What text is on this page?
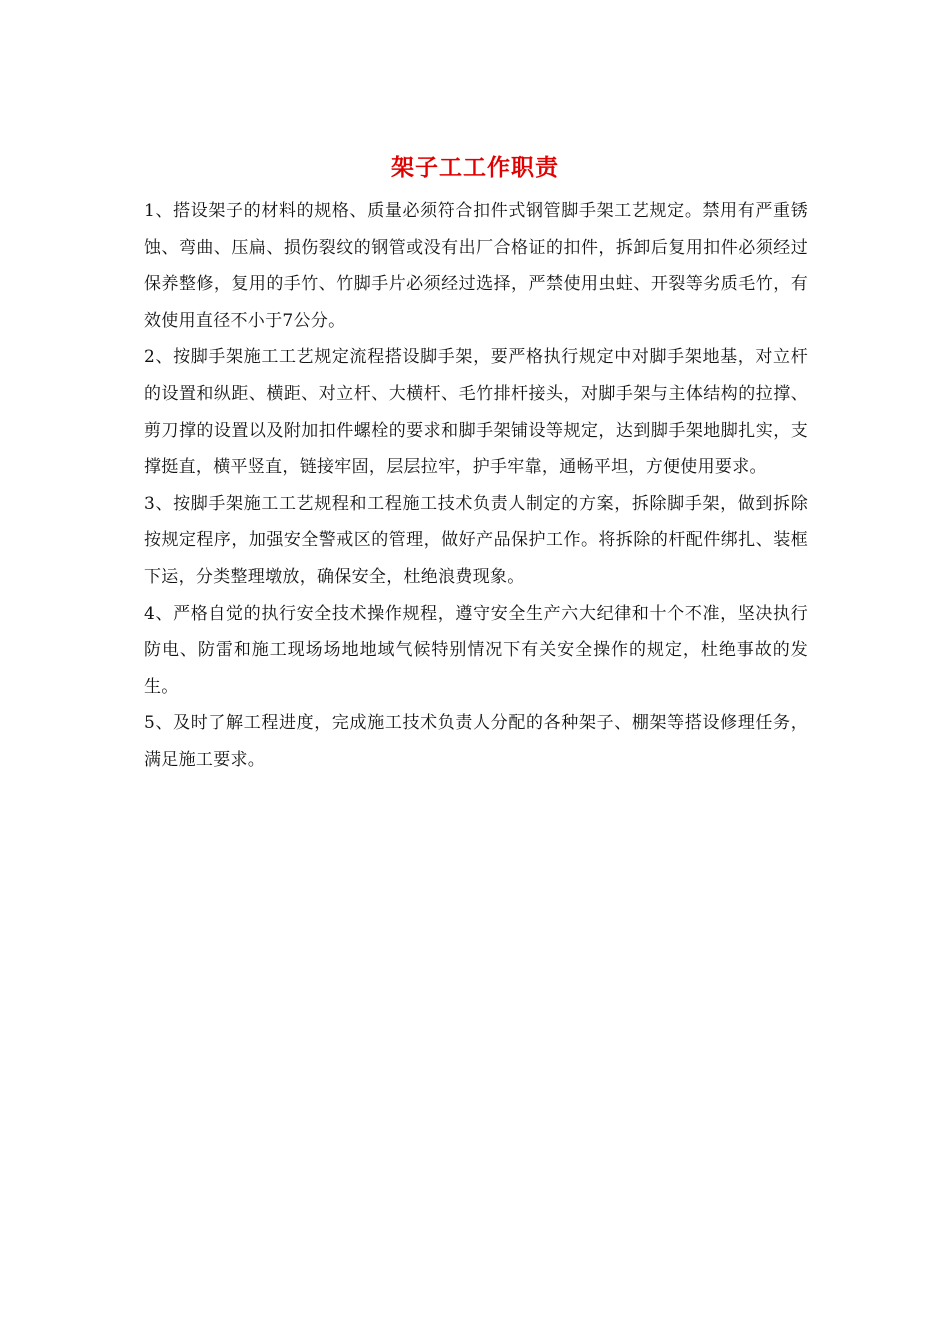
架子工工作职责

1、搭设架子的材料的规格、质量必须符合扣件式钢管脚手架工艺规定。禁用有严重锈蚀、弯曲、压扁、损伤裂纹的钢管或没有出厂合格证的扣件，拆卸后复用扣件必须经过保养整修，复用的手竹、竹脚手片必须经过选择，严禁使用虫蛀、开裂等劣质毛竹，有效使用直径不小于7公分。

2、按脚手架施工工艺规定流程搭设脚手架，要严格执行规定中对脚手架地基，对立杆的设置和纵距、横距、对立杆、大横杆、毛竹排杆接头，对脚手架与主体结构的拉撑、剪刀撑的设置以及附加扣件螺栓的要求和脚手架铺设等规定，达到脚手架地脚扎实，支撑挺直，横平竖直，链接牢固，层层拉牢，护手牢靠，通畅平坦，方便使用要求。

3、按脚手架施工工艺规程和工程施工技术负责人制定的方案，拆除脚手架，做到拆除按规定程序，加强安全警戒区的管理，做好产品保护工作。将拆除的杆配件绑扎、装框下运，分类整理墩放，确保安全，杜绝浪费现象。

4、严格自觉的执行安全技术操作规程，遵守安全生产六大纪律和十个不准，坚决执行防电、防雷和施工现场场地地域气候特别情况下有关安全操作的规定，杜绝事故的发生。

5、及时了解工程进度，完成施工技术负责人分配的各种架子、棚架等搭设修理任务，满足施工要求。
